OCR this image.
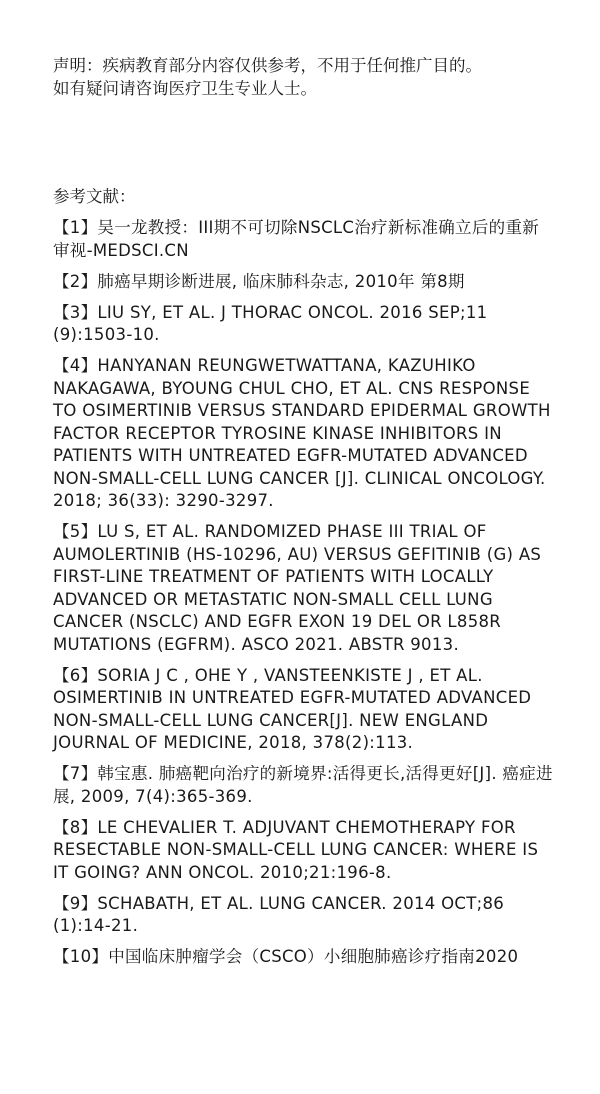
声明：疾病教育部分内容仅供参考，不用于任何推广目的。

如有疑问请咨询医疗卫生专业人士。

参考文献：
【1】吴一龙教授：III期不可切除NSCLC治疗新标准确立后的重新审视-MEDSCI.CN
【2】肺癌早期诊断进展, 临床肺科杂志, 2010年 第8期
【3】LIU SY, ET AL. J THORAC ONCOL. 2016 SEP;11 (9):1503-10.
【4】HANYANAN REUNGWETWATTANA, KAZUHIKO NAKAGAWA, BYOUNG CHUL CHO, ET AL. CNS RESPONSE TO OSIMERTINIB VERSUS STANDARD EPIDERMAL GROWTH FACTOR RECEPTOR TYROSINE KINASE INHIBITORS IN PATIENTS WITH UNTREATED EGFR-MUTATED ADVANCED NON-SMALL-CELL LUNG CANCER [J]. CLINICAL ONCOLOGY. 2018; 36(33): 3290-3297.
【5】LU S, ET AL. RANDOMIZED PHASE III TRIAL OF AUMOLERTINIB (HS-10296, AU) VERSUS GEFITINIB (G) AS FIRST-LINE TREATMENT OF PATIENTS WITH LOCALLY ADVANCED OR METASTATIC NON-SMALL CELL LUNG CANCER (NSCLC) AND EGFR EXON 19 DEL OR L858R MUTATIONS (EGFRM). ASCO 2021. ABSTR 9013.
【6】SORIA J C , OHE Y , VANSTEENKISTE J , ET AL. OSIMERTINIB IN UNTREATED EGFR-MUTATED ADVANCED NON-SMALL-CELL LUNG CANCER[J]. NEW ENGLAND JOURNAL OF MEDICINE, 2018, 378(2):113.
【7】韩宝惠. 肺癌靶向治疗的新境界:活得更长,活得更好[J]. 癌症进展, 2009, 7(4):365-369.
【8】LE CHEVALIER T. ADJUVANT CHEMOTHERAPY FOR RESECTABLE NON-SMALL-CELL LUNG CANCER: WHERE IS IT GOING? ANN ONCOL. 2010;21:196-8.
【9】SCHABATH, ET AL. LUNG CANCER. 2014 OCT;86 (1):14-21.
【10】中国临床肿瘤学会（CSCO）小细胞肺癌诊疗指南2020
